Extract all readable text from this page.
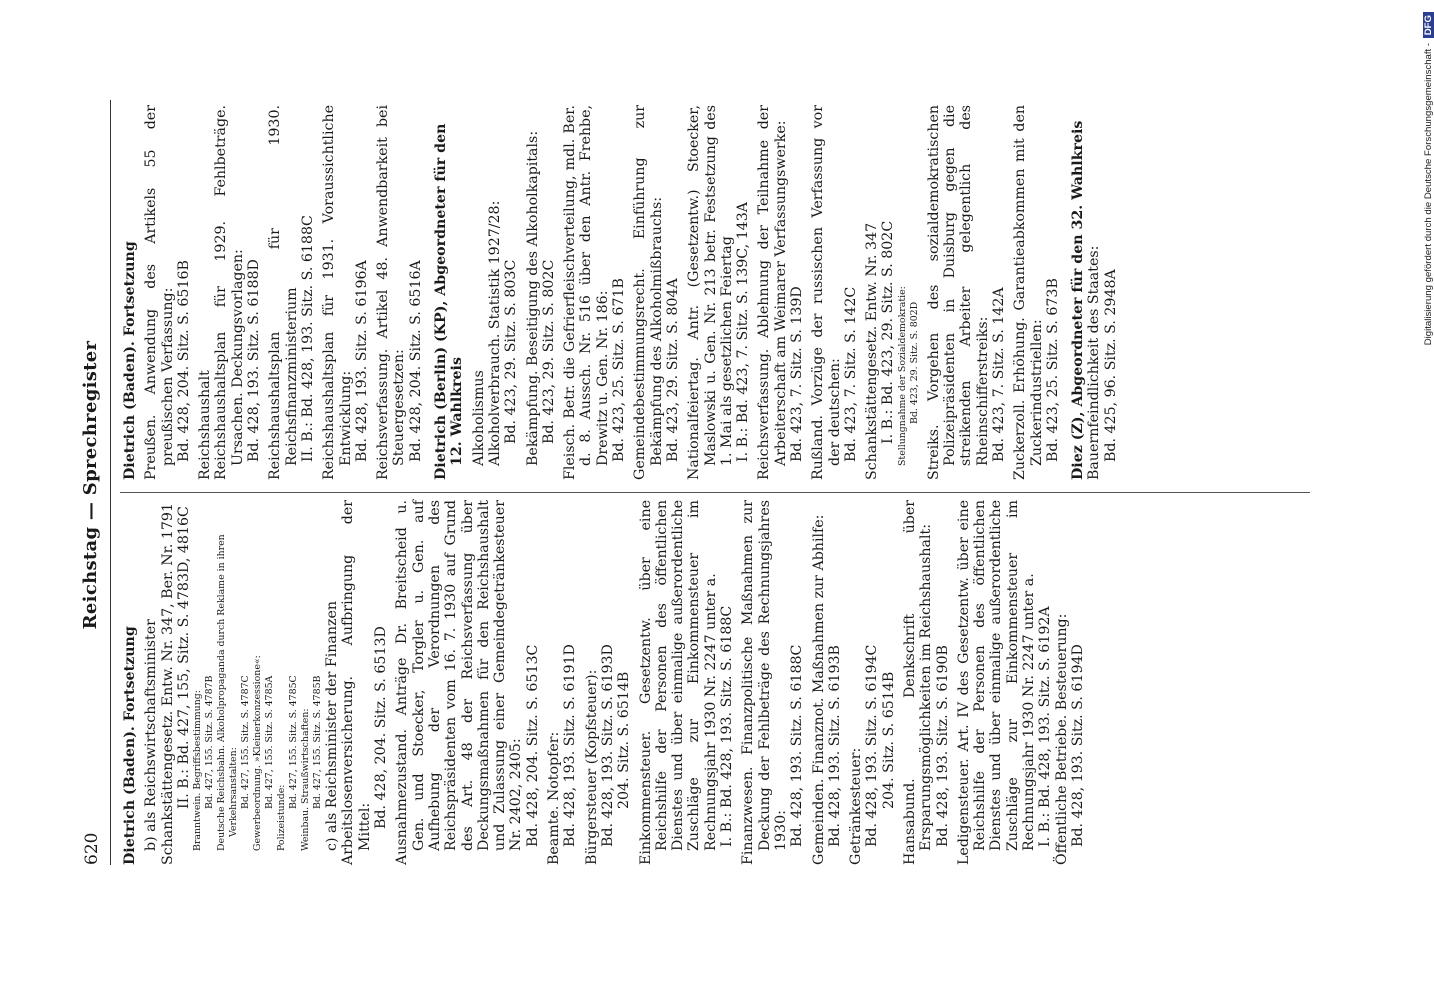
620
Reichstag — Sprechregister
Dietrich (Baden). Fortsetzung b) als Reichswirtschaftsminister Schankstättengesetz. Entw. Nr. 347, Ber. Nr. 1791 II. B.: Bd. 427, 155, Sitz. S. 4783D, 4816C Branntwein. Begriffsbestimmung: Bd. 427, 155. Sitz. S. 4787B Deutsche Reichsbahn. Alkoholpropaganda durch Reklame in ihren Verkehrsanstalten: Bd. 427, 155. Sitz. S. 4787C Gewerbeordnung. »Kleinerkonzessione«: Bd. 427, 155. Sitz. S. 4785A
Polizeistunde:
Bd. 427, 155. Sitz. S. 4785C Weinbau. Straußwirtschaften: Bd. 427, 155. Sitz. S. 4785B c) als Reichsminister der Finanzen Arbeitslosenversicherung. Aufbringung der Mittel: Bd. 428, 204. Sitz. S. 6513D Ausnahmezustand. Anträge Dr. Breitscheid u. Gen. und Stoecker, Torgler u. Gen. auf Aufhebung der Verordnungen des Reichspräsidenten vom 16. 7. 1930 auf Grund des Art. 48 der Reichsverfassung über Deckungsmaßnahmen für den Reichshaushalt und Zulassung einer Gemeindegetränkesteuer Nr. 2402, 2405: Bd. 428, 204. Sitz. S. 6513C Beamte. Notopfer: Bd. 428, 193. Sitz. S. 6191D Bürgersteuer (Kopfsteuer): Bd. 428, 193. Sitz. S. 6193D 204. Sitz. S. 6514B Einkommensteuer. Gesetzentw. über eine Reichshilfe der Personen des öffentlichen Dienstes und über einmalige außerordentliche Zuschläge zur Einkommensteuer im Rechnungsjahr 1930 Nr. 2247 unter a. I. B.: Bd. 428, 193. Sitz. S. 6188C Finanzwesen. Finanzpolitische Maßnahmen zur Deckung der Fehlbeträge des Rechnungsjahres 1930: Bd. 428, 193. Sitz. S. 6188C Gemeinden. Finanznot. Maßnahmen zur Abhilfe: Bd. 428, 193. Sitz. S. 6193B Getränkesteuer: Bd. 428, 193. Sitz. S. 6194C 204. Sitz. S. 6514B Hansabund. Denkschrift über Ersparungsmöglichkeiten im Reichshaushalt: Bd. 428, 193. Sitz. S. 6190B Ledigensteuer. Art. IV des Gesetzentw. über eine Reichshilfe der Personen des öffentlichen Dienstes und über einmalige außerordentliche Zuschläge zur Einkommensteuer im Rechnungsjahr 1930 Nr. 2247 unter a. I. B.: Bd. 428, 193. Sitz. S. 6192A Öffentliche Betriebe. Besteuerung: Bd. 428, 193. Sitz. S. 6194D
Dietrich (Baden). Fortsetzung Preußen. Anwendung des Artikels 55 der preußischen Verfassung: Bd. 428, 204. Sitz. S. 6516B Reichshaushalt Reichshaushaltsplan für 1929. Fehlbeträge. Ursachen. Deckungsvorlagen: Bd. 428, 193. Sitz. S. 6188D Reichshaushaltsplan für 1930. Reichsfinanzministerium II. B.: Bd. 428, 193. Sitz. S. 6188C Reichshaushaltsplan für 1931. Voraussichtliche Entwicklung: Bd. 428, 193. Sitz. S. 6196A Reichsverfassung. Artikel 48. Anwendbarkeit bei Steuergesetzen: Bd. 428, 204. Sitz. S. 6516A Dietrich (Berlin) (KP), Abgeordneter für den 12. Wahlkreis Alkoholismus Alkoholverbrauch. Statistik 1927/28: Bd. 423, 29. Sitz. S. 803C Bekämpfung. Beseitigung des Alkoholkapitals: Bd. 423, 29. Sitz. S. 802C Fleisch. Betr. die Gefrierfleischverteilung, mdl. Ber. d. 8. Aussch. Nr. 516 über den Antr. Frehbe, Drewitz u. Gen. Nr. 186: Bd. 423, 25. Sitz. S. 671B Gemeindebestimmungsrecht. Einführung zur Bekämpfung des Alkoholmißbrauchs: Bd. 423, 29. Sitz. S. 804A Nationalfeiertag. Antr. (Gesetzentw.) Stoecker, Maslowski u. Gen. Nr. 213 betr. Festsetzung des 1. Mai als gesetzlichen Feiertag I. B.: Bd. 423, 7. Sitz. S. 139C, 143A Reichsverfassung. Ablehnung der Teilnahme der Arbeiterschaft am Weimarer Verfassungswerke: Bd. 423, 7. Sitz. S. 139D Rußland. Vorzüge der russischen Verfassung vor der deutschen: Bd. 423, 7. Sitz. S. 142C Schankstättengesetz. Entw. Nr. 347 I. B.: Bd. 423, 29. Sitz. S. 802C Stellungnahme der Sozialdemokratie: Bd. 423, 29. Sitz. S. 802D Streiks. Vorgehen des sozialdemokratischen Polizeipräsidenten in Duisburg gegen die streikenden Arbeiter gelegentlich des Rheinschifferstreiks: Bd. 423, 7. Sitz. S. 142A Zuckerzoll. Erhöhung. Garantieabkommen mit den Zuckerindustriellen: Bd. 423, 25. Sitz. S. 673B Diez (Z), Abgeordneter für den 32. Wahlkreis Bauernfeindlichkeit des Staates: Bd. 425, 96. Sitz. S. 2948A
Digitalisierung gefördert durch die Deutsche Forschungsgemeinschaft - DFG
